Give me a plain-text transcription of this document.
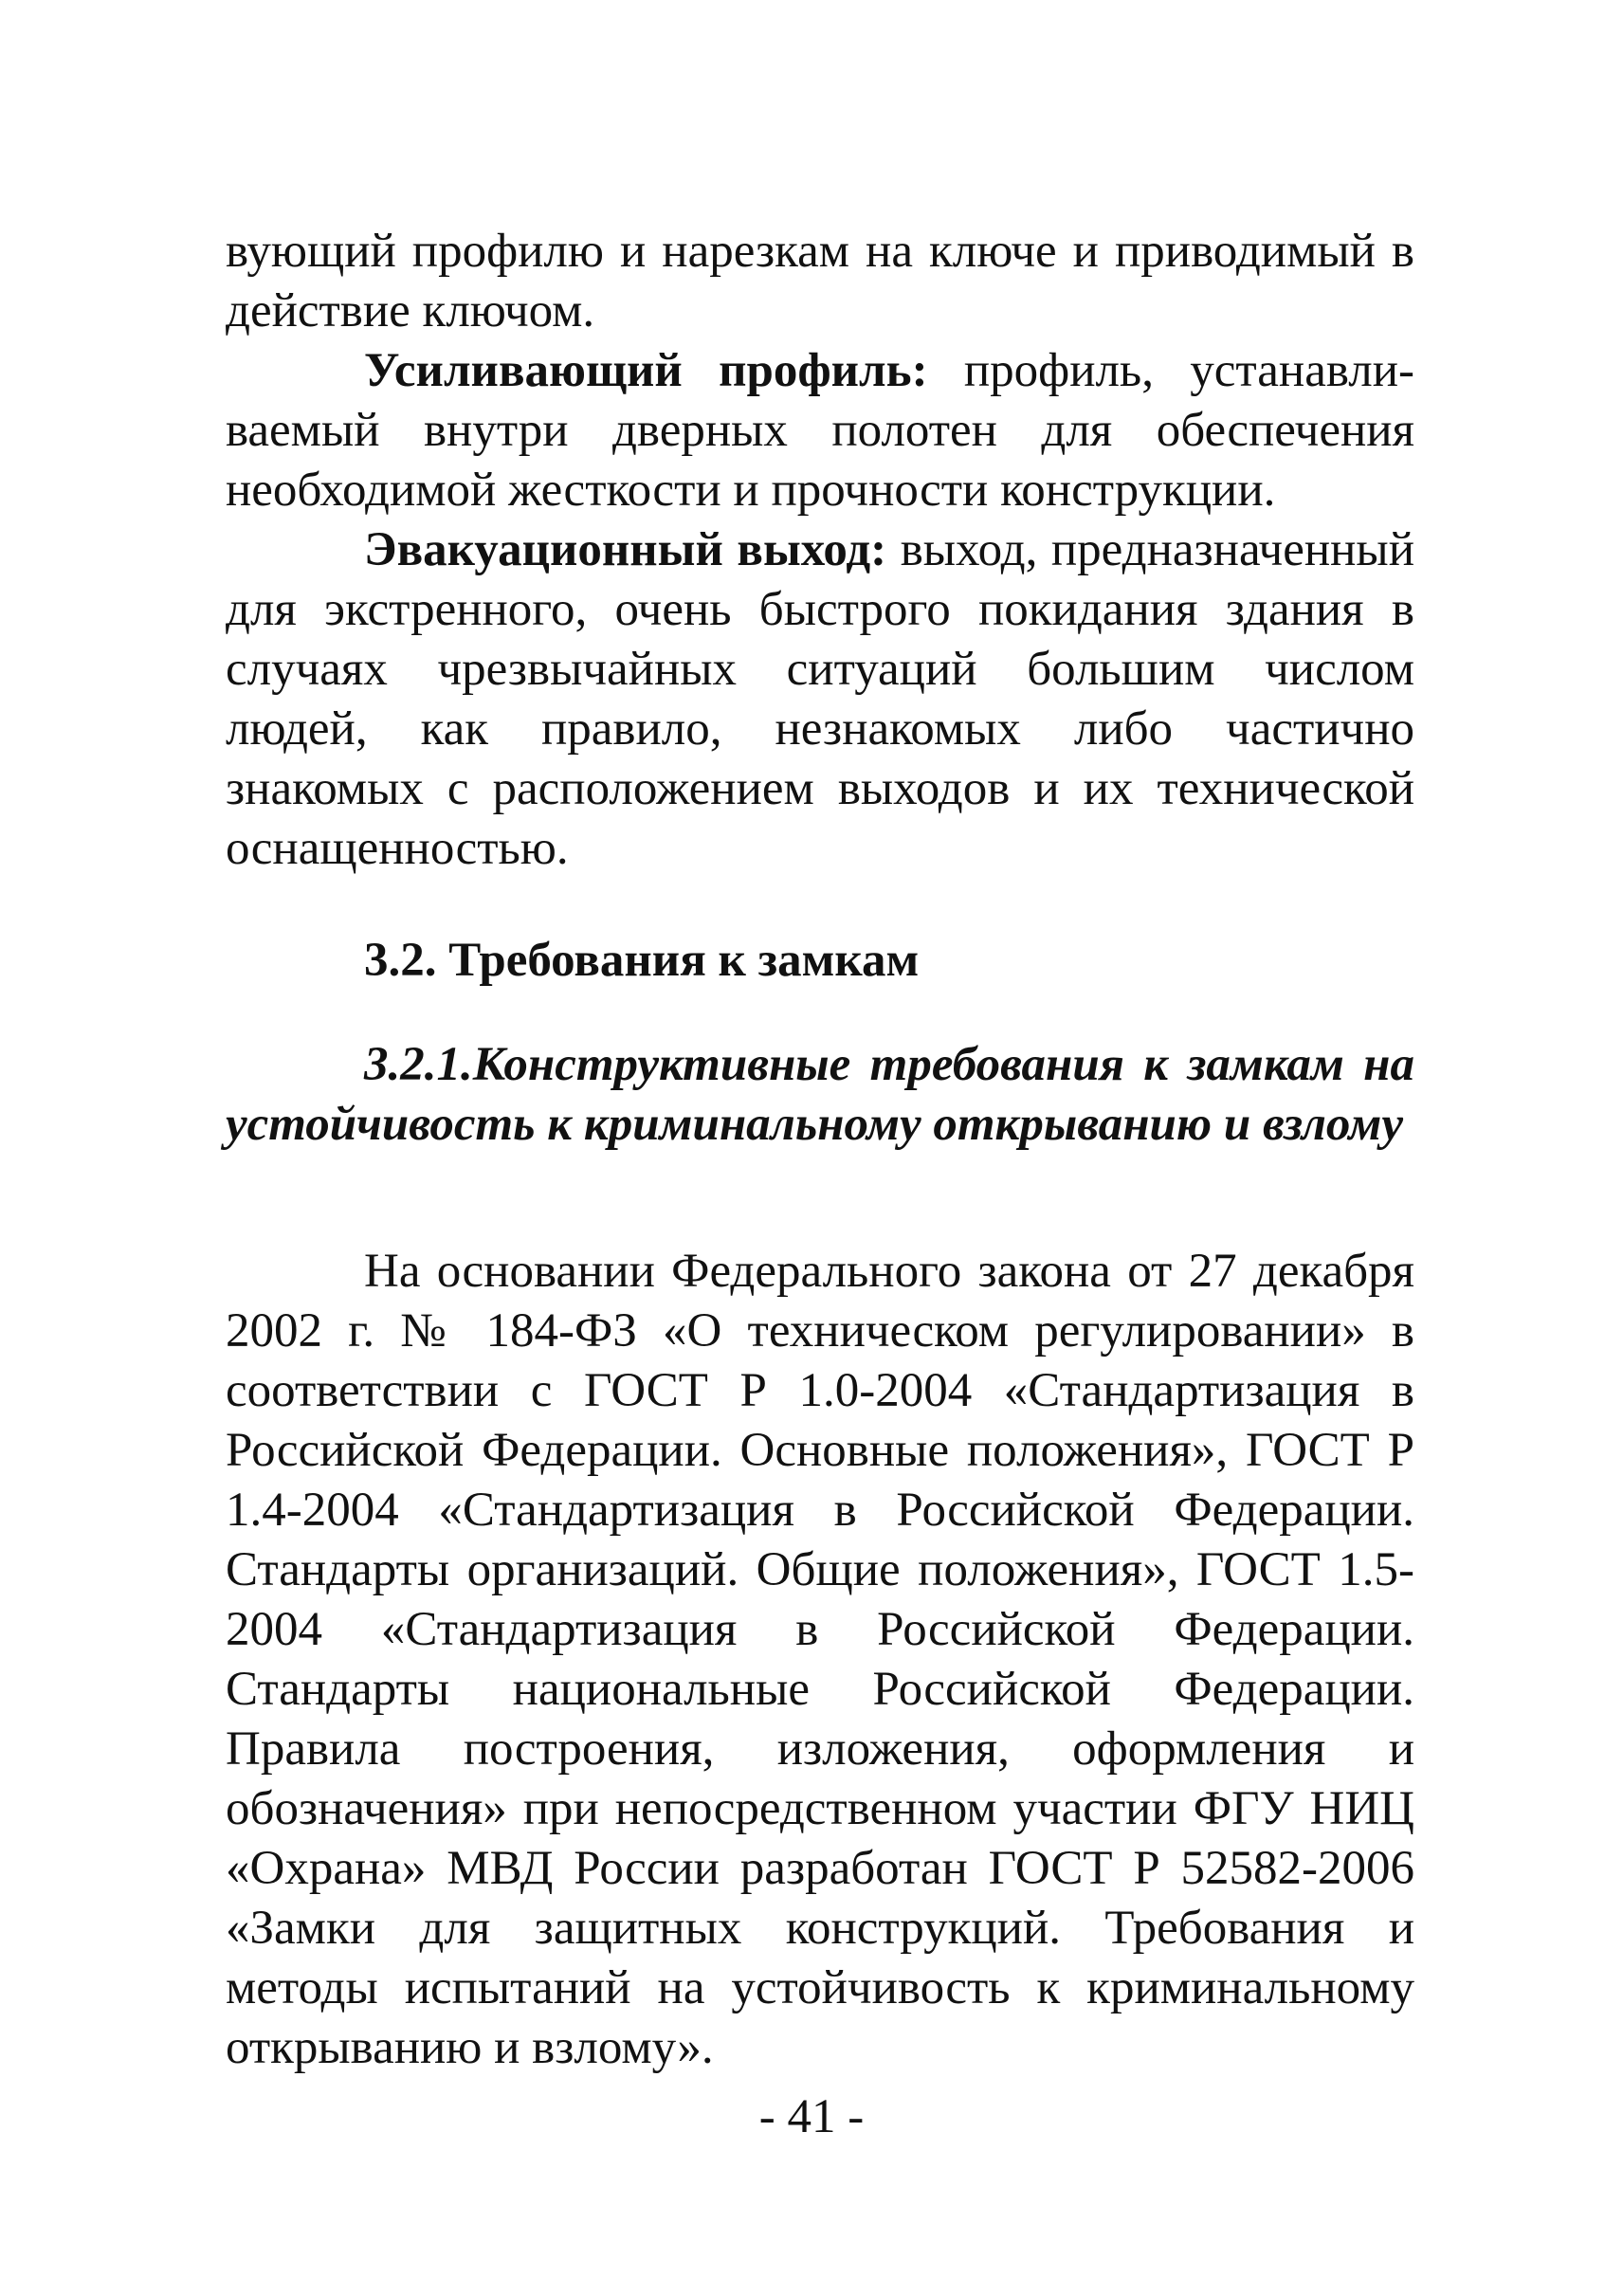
вующий профилю и нарезкам на ключе и приводимый в действие ключом.

Усиливающий профиль: профиль, устанавливаемый внутри дверных полотен для обеспечения необходимой жесткости и прочности конструкции.

Эвакуационный выход: выход, предназначенный для экстренного, очень быстрого покидания здания в случаях чрезвычайных ситуаций большим числом людей, как правило, незнакомых либо частично знакомых с расположением выходов и их технической оснащенностью.

3.2. Требования к замкам
3.2.1.Конструктивные требования к замкам на устойчивость к криминальному открыванию и взлому

На основании Федерального закона от 27 декабря 2002 г. № 184-ФЗ «О техническом регулировании» в соответствии с ГОСТ Р 1.0-2004 «Стандартизация в Российской Федерации. Основные положения», ГОСТ Р 1.4-2004 «Стандартизация в Российской Федерации. Стандарты организаций. Общие положения», ГОСТ 1.5-2004 «Стандартизация в Российской Федерации. Стандарты национальные Российской Федерации. Правила построения, изложения, оформления и обозначения» при непосредственном участии ФГУ НИЦ «Охрана» МВД России разработан ГОСТ Р 52582-2006 «Замки для защитных конструкций. Требования и методы испытаний на устойчивость к криминальному открыванию и взлому».

- 41 -
